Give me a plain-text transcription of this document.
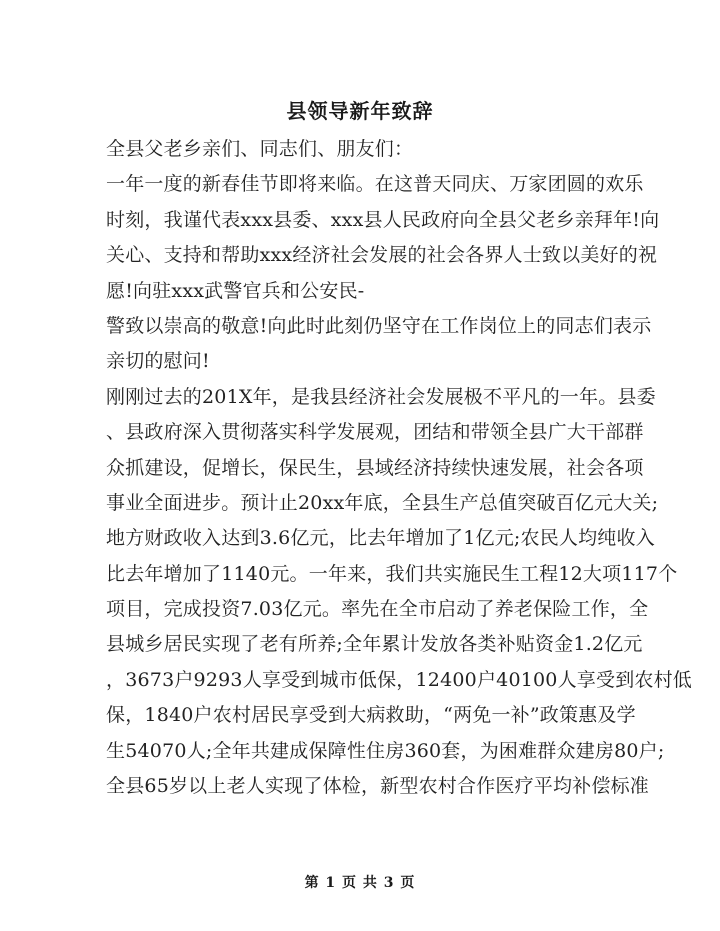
县领导新年致辞
全县父老乡亲们、同志们、朋友们：
一年一度的新春佳节即将来临。在这普天同庆、万家团圆的欢乐
时刻，我谨代表xxx县委、xxx县人民政府向全县父老乡亲拜年!向
关心、支持和帮助xxx经济社会发展的社会各界人士致以美好的祝
愿!向驻xxx武警官兵和公安民-
警致以崇高的敬意!向此时此刻仍坚守在工作岗位上的同志们表示
亲切的慰问!
刚刚过去的201X年，是我县经济社会发展极不平凡的一年。县委
、县政府深入贯彻落实科学发展观，团结和带领全县广大干部群
众抓建设，促增长，保民生，县域经济持续快速发展，社会各项
事业全面进步。预计止20xx年底，全县生产总值突破百亿元大关;
地方财政收入达到3.6亿元，比去年增加了1亿元;农民人均纯收入
比去年增加了1140元。一年来，我们共实施民生工程12大项117个
项目，完成投资7.03亿元。率先在全市启动了养老保险工作，全
县城乡居民实现了老有所养;全年累计发放各类补贴资金1.2亿元
，3673户9293人享受到城市低保，12400户40100人享受到农村低
保，1840户农村居民享受到大病救助，“两免一补”政策惠及学
生54070人;全年共建成保障性住房360套，为困难群众建房80户;
全县65岁以上老人实现了体检，新型农村合作医疗平均补偿标准
第 1 页 共 3 页
